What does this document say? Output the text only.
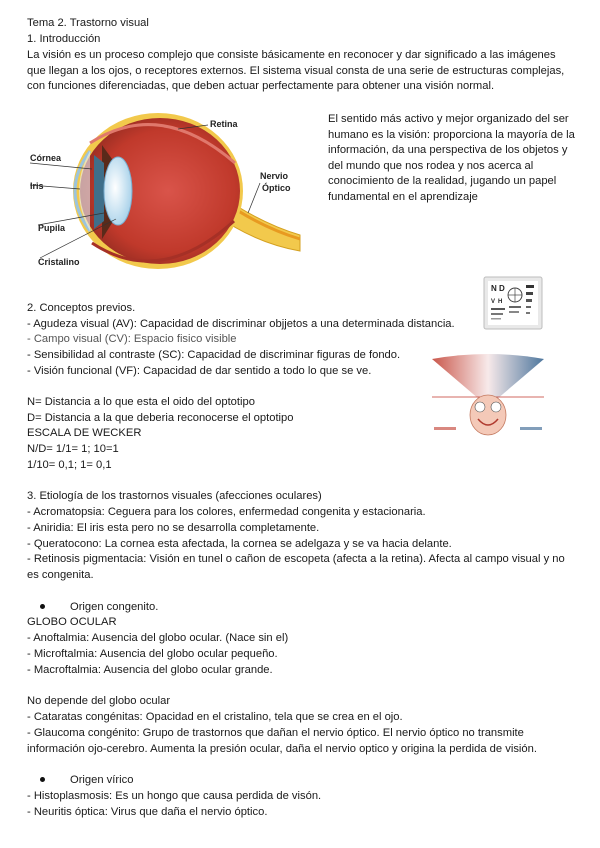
Tema 2. Trastorno visual
1. Introducción
La visión es un proceso complejo que consiste básicamente en reconocer y dar significado a las imágenes que llegan a los ojos, o receptores externos. El sistema visual consta de una serie de estructuras complejas, con funciones diferenciadas, que deben actuar perfectamente para obtener una visión normal.
Retina
Córnea
Iris
Nervio
Óptico
Pupila
Cristalino
El sentido más activo y mejor organizado del ser humano es la visión: proporciona la mayoría de la información, da una perspectiva de los objetos y del mundo que nos rodea y nos acerca al conocimiento de la realidad, jugando un papel fundamental en el aprendizaje
N D
V H
2. Conceptos previos.
- Agudeza visual (AV): Capacidad de discriminar objjetos a una determinada distancia.
- Campo visual (CV): Espacio fisico visible
- Sensibilidad al contraste (SC): Capacidad de discriminar figuras de fondo.
- Visión funcional (VF): Capacidad de dar sentido a todo lo que se ve.
N= Distancia a lo que esta el oido del optotipo
D= Distancia a la que deberia reconocerse el optotipo
ESCALA DE WECKER
N/D= 1/1= 1; 10=1
1/10= 0,1; 1= 0,1
3. Etiología de los trastornos visuales (afecciones oculares)
- Acromatopsia: Ceguera para los colores, enfermedad congenita y estacionaria.
- Aniridia: El iris esta pero no se desarrolla completamente.
- Queratocono: La cornea esta afectada, la cornea se adelgaza y se va hacia delante.
- Retinosis pigmentacia: Visión en tunel o cañon de escopeta (afecta a la retina). Afecta al campo visual y no es congenita.
Origen congenito.
GLOBO OCULAR
- Anoftalmia: Ausencia del globo ocular. (Nace sin el)
- Microftalmia: Ausencia del globo ocular pequeño.
- Macroftalmia: Ausencia del globo ocular grande.
No depende del globo ocular
- Cataratas congénitas: Opacidad en el cristalino, tela que se crea en el ojo.
- Glaucoma congénito: Grupo de trastornos que dañan el nervio óptico. El nervio óptico no transmite información ojo-cerebro. Aumenta la presión ocular, daña el nervio optico y origina la perdida de visión.
Origen vírico
- Histoplasmosis: Es un hongo que causa perdida de visón.
- Neuritis óptica: Virus que daña el nervio óptico.
